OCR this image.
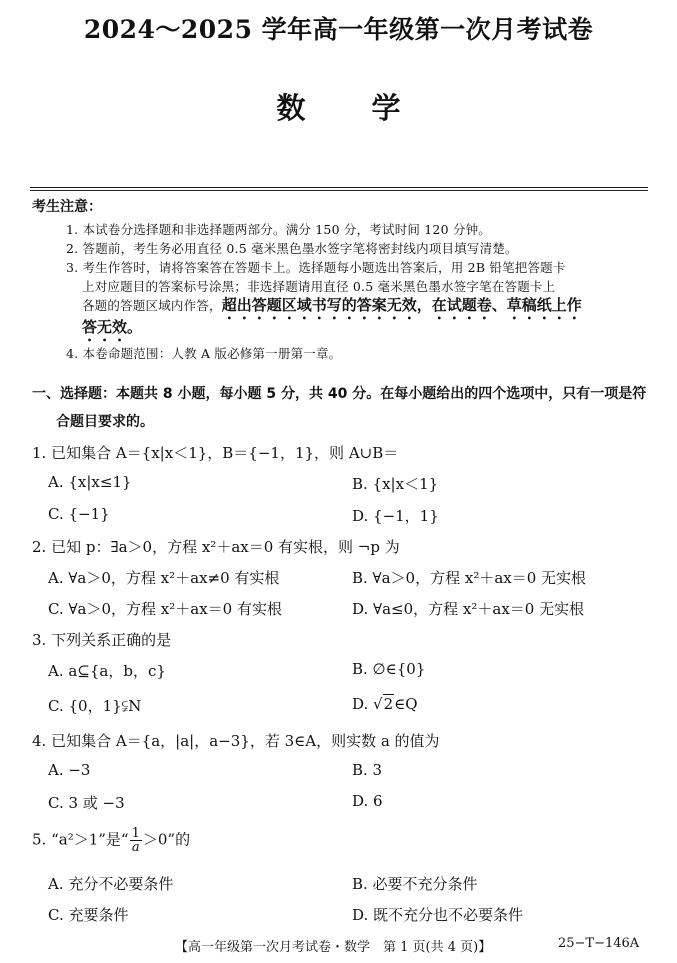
2024～2025 学年高一年级第一次月考试卷
数 学
考生注意：
1. 本试卷分选择题和非选择题两部分。满分 150 分，考试时间 120 分钟。
2. 答题前，考生务必用直径 0.5 毫米黑色墨水签字笔将密封线内项目填写清楚。
3. 考生作答时，请将答案答在答题卡上。选择题每小题选出答案后，用 2B 铅笔把答题卡
上对应题目的答案标号涂黑；非选择题请用直径 0.5 毫米黑色墨水签字笔在答题卡上
各题的答题区域内作答，超出答题区域书写的答案无效，在试题卷、草稿纸上作
答无效。
4. 本卷命题范围：人教 A 版必修第一册第一章。
一、选择题：本题共 8 小题，每小题 5 分，共 40 分。在每小题给出的四个选项中，只有一项是符
合题目要求的。
1. 已知集合 A＝{x|x＜1}，B＝{−1，1}，则 A∪B＝
A. {x|x≤1}	B. {x|x＜1}
C. {−1}	D. {−1，1}
2. 已知 p：∃a＞0，方程 x²＋ax＝0 有实根，则 ¬p 为
A. ∀a＞0，方程 x²＋ax≠0 有实根	B. ∀a＞0，方程 x²＋ax＝0 无实根
C. ∀a＞0，方程 x²＋ax＝0 有实根	D. ∀a≤0，方程 x²＋ax＝0 无实根
3. 下列关系正确的是
A. a⊆{a，b，c}	B. ∅∈{0}
C. {0，1}⫋N	D. √2∈Q
4. 已知集合 A＝{a，|a|，a−3}，若 3∈A，则实数 a 的值为
A. −3	B. 3
C. 3 或 −3	D. 6
5. “a²＞1”是“ $\frac{1}{a} >0$”的
A. 充分不必要条件	B. 必要不充分条件
C. 充要条件	D. 既不充分也不必要条件
【高一年级第一次月考试卷・数学　第 1 页(共 4 页)】	25−T−146A
